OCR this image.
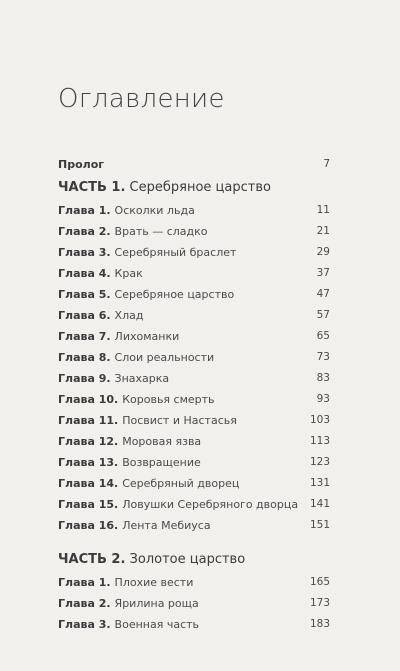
Оглавление
Пролог	7
ЧАСТЬ 1. Серебряное царство
Глава 1. Осколки льда	11
Глава 2. Врать — сладко	21
Глава 3. Серебряный браслет	29
Глава 4. Крак	37
Глава 5. Серебряное царство	47
Глава 6. Хлад	57
Глава 7. Лихоманки	65
Глава 8. Слои реальности	73
Глава 9. Знахарка	83
Глава 10. Коровья смерть	93
Глава 11. Посвист и Настасья	103
Глава 12. Моровая язва	113
Глава 13. Возвращение	123
Глава 14. Серебряный дворец	131
Глава 15. Ловушки Серебряного дворца 141
Глава 16. Лента Мебиуса	151
ЧАСТЬ 2. Золотое царство
Глава 1. Плохие вести	165
Глава 2. Ярилина роща	173
Глава 3. Военная часть	183
